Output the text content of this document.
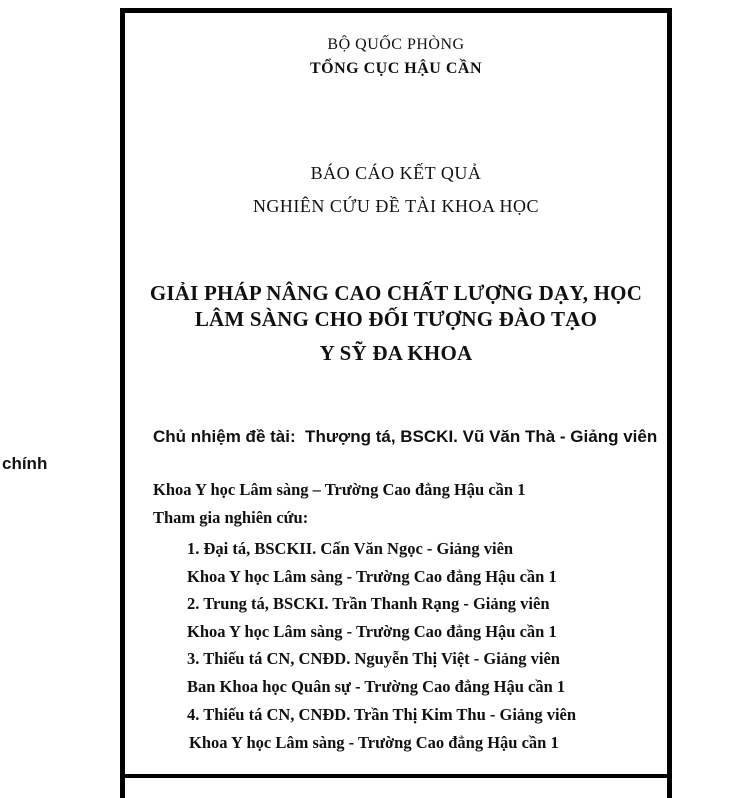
BỘ QUỐC PHÒNG
TỔNG CỤC HẬU CẦN
BÁO CÁO KẾT QUẢ
NGHIÊN CỨU ĐỀ TÀI KHOA HỌC
GIẢI PHÁP NÂNG CAO CHẤT LƯỢNG DẠY, HỌC
LÂM SÀNG CHO ĐỐI TƯỢNG ĐÀO TẠO
Y SỸ ĐA KHOA
Chủ nhiệm đề tài:  Thượng tá, BSCKI. Vũ Văn Thà - Giảng viên
chính
Khoa Y học Lâm sàng – Trường Cao đẳng Hậu cần 1
Tham gia nghiên cứu:
1. Đại tá, BSCKII. Cấn Văn Ngọc - Giảng viên
Khoa Y học Lâm sàng - Trường Cao đẳng Hậu cần 1
2. Trung tá, BSCKI. Trần Thanh Rạng - Giảng viên
Khoa Y học Lâm sàng - Trường Cao đẳng Hậu cần 1
3. Thiếu tá CN, CNĐD. Nguyễn Thị Việt - Giảng viên
Ban Khoa học Quân sự - Trường Cao đẳng Hậu cần 1
4. Thiếu tá CN, CNĐD. Trần Thị Kim Thu - Giảng viên
Khoa Y học Lâm sàng - Trường Cao đẳng Hậu cần 1
